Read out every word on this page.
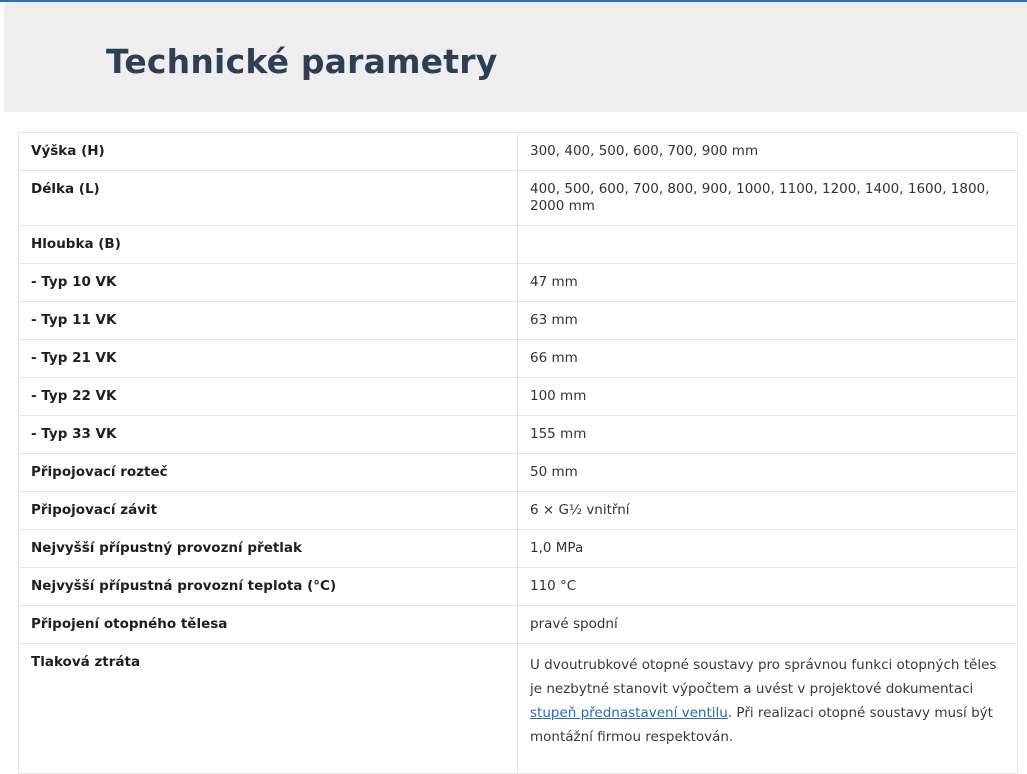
Technické parametry
Výška (H)	300, 400, 500, 600, 700, 900 mm
Délka (L)	400, 500, 600, 700, 800, 900, 1000, 1100, 1200, 1400, 1600, 1800, 2000 mm
Hloubka (B)	
- Typ 10 VK	47 mm
- Typ 11 VK	63 mm
- Typ 21 VK	66 mm
- Typ 22 VK	100 mm
- Typ 33 VK	155 mm
Připojovací rozteč	50 mm
Připojovací závit	6 × G½ vnitřní
Nejvyšší přípustný provozní přetlak	1,0 MPa
Nejvyšší přípustná provozní teplota (°C)	110 °C
Připojení otopného tělesa	pravé spodní
Tlaková ztráta	U dvoutrubkové otopné soustavy pro správnou funkci otopných těles je nezbytné stanovit výpočtem a uvést v projektové dokumentaci stupeň přednastavení ventilu. Při realizaci otopné soustavy musí být montážní firmou respektován.
